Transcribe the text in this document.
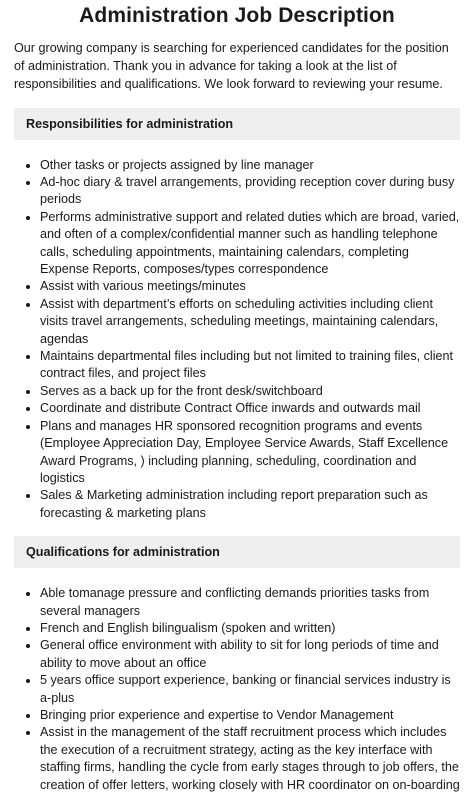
Administration Job Description

Our growing company is searching for experienced candidates for the position of administration. Thank you in advance for taking a look at the list of responsibilities and qualifications. We look forward to reviewing your resume.

Responsibilities for administration
• Other tasks or projects assigned by line manager
• Ad-hoc diary & travel arrangements, providing reception cover during busy periods
• Performs administrative support and related duties which are broad, varied, and often of a complex/confidential manner such as handling telephone calls, scheduling appointments, maintaining calendars, completing Expense Reports, composes/types correspondence
• Assist with various meetings/minutes
• Assist with department’s efforts on scheduling activities including client visits travel arrangements, scheduling meetings, maintaining calendars, agendas
• Maintains departmental files including but not limited to training files, client contract files, and project files
• Serves as a back up for the front desk/switchboard
• Coordinate and distribute Contract Office inwards and outwards mail
• Plans and manages HR sponsored recognition programs and events (Employee Appreciation Day, Employee Service Awards, Staff Excellence Award Programs, ) including planning, scheduling, coordination and logistics
• Sales & Marketing administration including report preparation such as forecasting & marketing plans
Qualifications for administration
• Able tomanage pressure and conflicting demands priorities tasks from several managers
• French and English bilingualism (spoken and written)
• General office environment with ability to sit for long periods of time and ability to move about an office
• 5 years office support experience, banking or financial services industry is a-plus
• Bringing prior experience and expertise to Vendor Management
• Assist in the management of the staff recruitment process which includes the execution of a recruitment strategy, acting as the key interface with staffing firms, handling the cycle from early stages through to job offers, the creation of offer letters, working closely with HR coordinator on on-boarding
